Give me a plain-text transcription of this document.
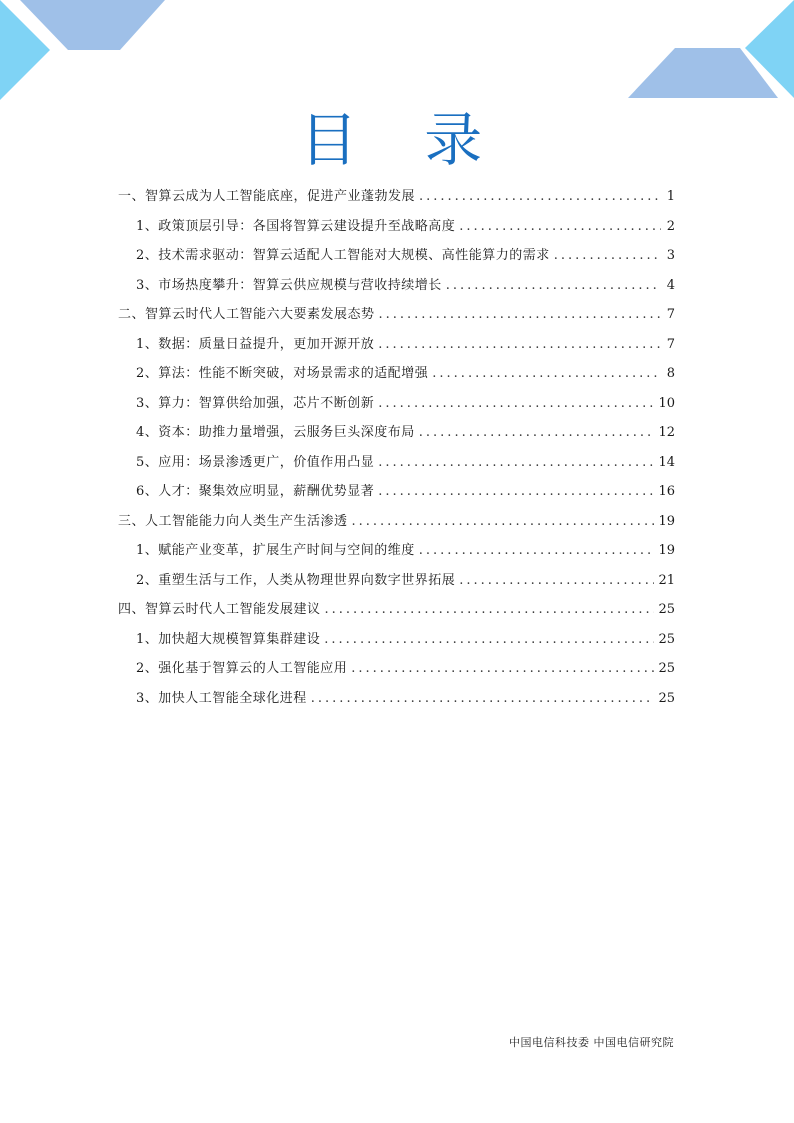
目 录
一、智算云成为人工智能底座，促进产业蓬勃发展 .....	1
1、政策顶层引导：各国将智算云建设提升至战略高度 .....	2
2、技术需求驱动：智算云适配人工智能对大规模、高性能算力的需求 .....	3
3、市场热度攀升：智算云供应规模与营收持续增长 .....	4
二、智算云时代人工智能六大要素发展态势 .....	7
1、数据：质量日益提升，更加开源开放 .....	7
2、算法：性能不断突破，对场景需求的适配增强 .....	8
3、算力：智算供给加强，芯片不断创新 .....	10
4、资本：助推力量增强，云服务巨头深度布局 .....	12
5、应用：场景渗透更广，价值作用凸显 .....	14
6、人才：聚集效应明显，薪酬优势显著 .....	16
三、人工智能能力向人类生产生活渗透 .....	19
1、赋能产业变革，扩展生产时间与空间的维度 .....	19
2、重塑生活与工作，人类从物理世界向数字世界拓展 .....	21
四、智算云时代人工智能发展建议 .....	25
1、加快超大规模智算集群建设 .....	25
2、强化基于智算云的人工智能应用 .....	25
3、加快人工智能全球化进程 .....	25
中国电信科技委 中国电信研究院
